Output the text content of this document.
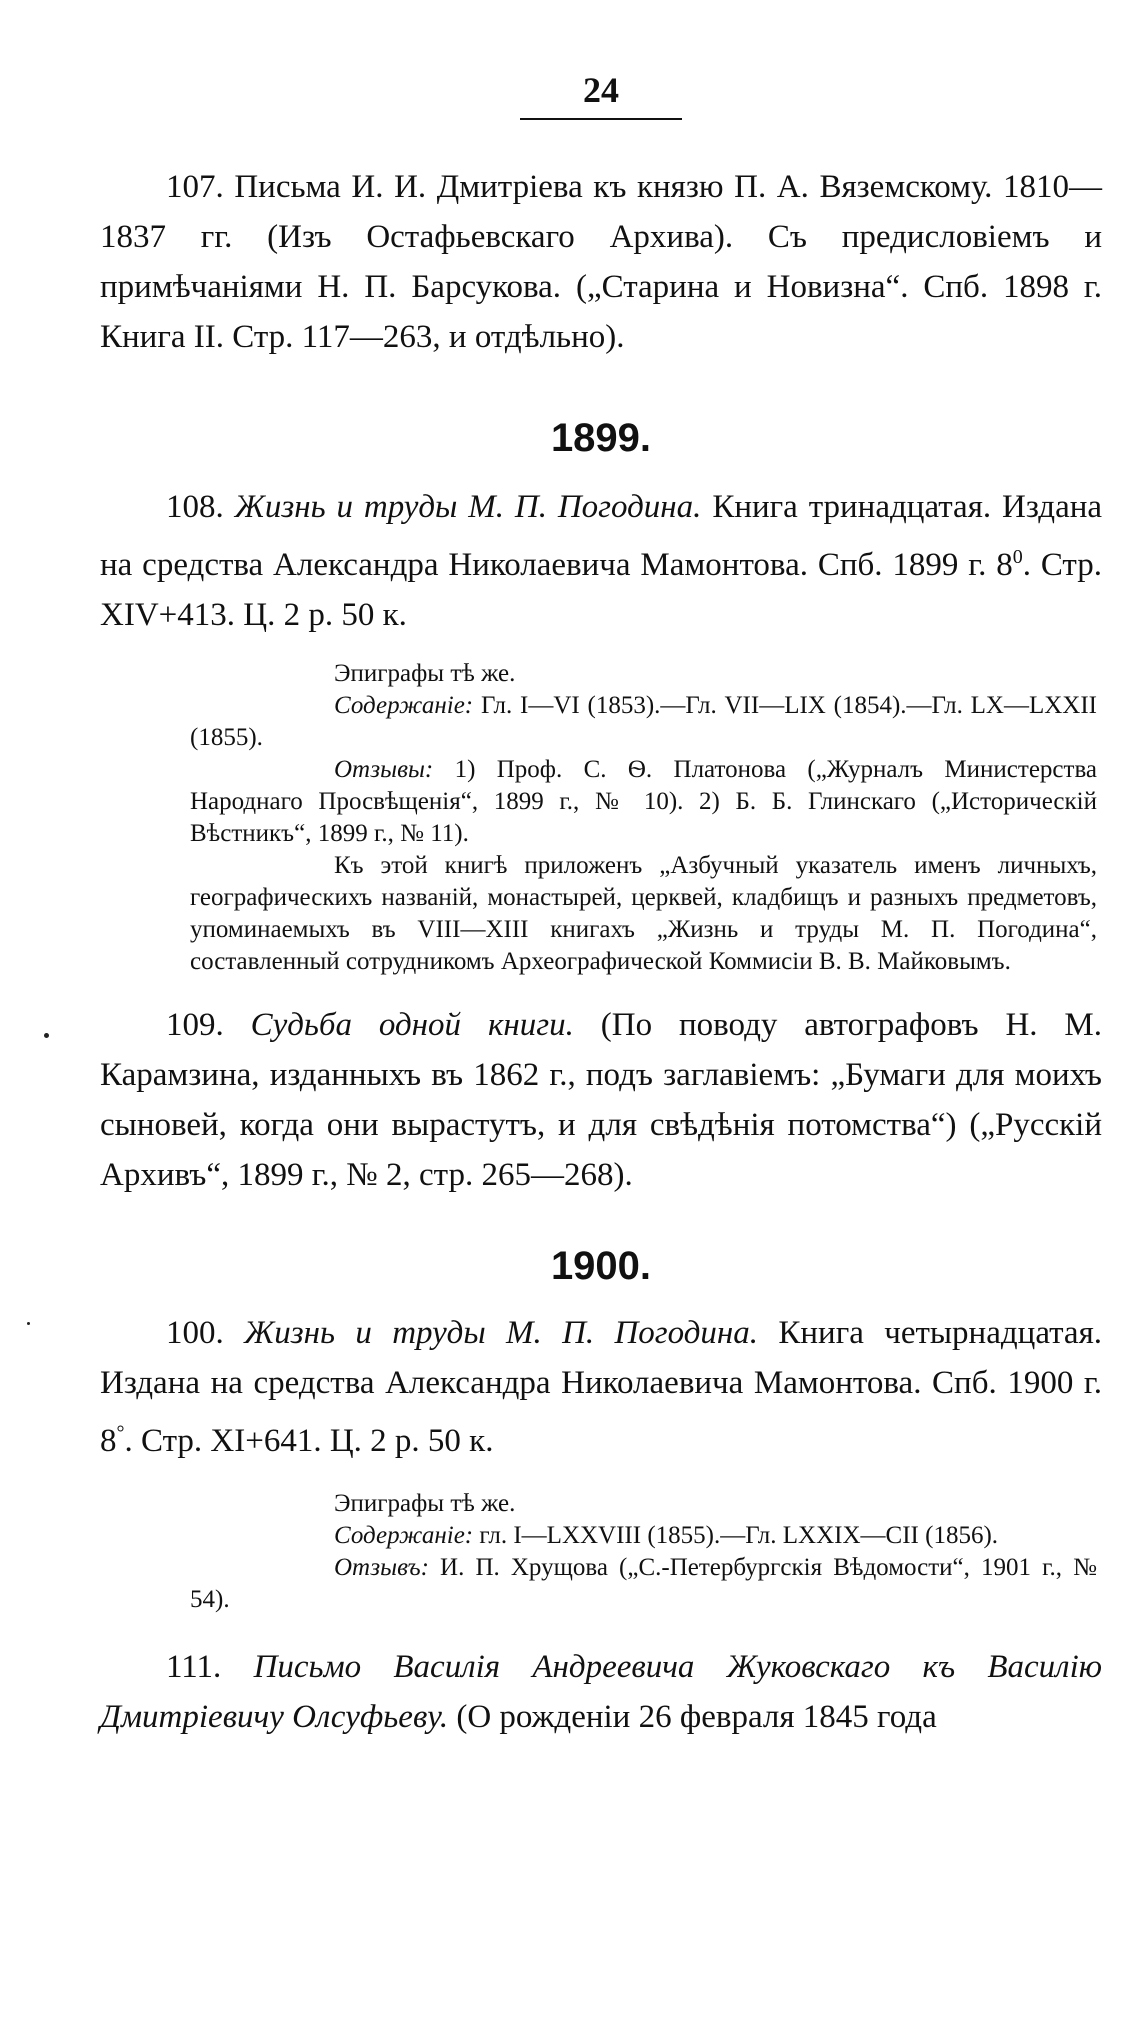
24

107. Письма И. И. Дмитріева къ князю П. А. Вяземскому. 1810—1837 гг. (Изъ Остафьевскаго Архива). Съ предисловіемъ и примѣчаніями Н. П. Барсукова. („Старина и Новизна“. Спб. 1898 г. Книга II. Стр. 117—263, и отдѣльно).

1899.

108. Жизнь и труды М. П. Погодина. Книга тринадцатая. Издана на средства Александра Николаевича Мамонтова. Спб. 1899 г. $8^0$. Стр. XIV+413. Ц. 2 р. 50 к.

Эпиграфы тѣ же.

Содержаніе: Гл. I—VI (1853).—Гл. VII—LIX (1854).—Гл. LX—LXXII (1855).

Отзывы: 1) Проф. С. Ѳ. Платонова („Журналъ Министерства Народнаго Просвѣщенія“, 1899 г., № 10). 2) Б. Б. Глинскаго („Историческій Вѣстникъ“, 1899 г., № 11).

Къ этой книгѣ приложенъ „Азбучный указатель именъ личныхъ, географическихъ названій, монастырей, церквей, кладбищъ и разныхъ предметовъ, упоминаемыхъ въ VIII—XIII книгахъ „Жизнь и труды М. П. Погодина“, составленный сотрудникомъ Археографической Коммисіи В. В. Майковымъ.

109. Судьба одной книги. (По поводу автографовъ Н. М. Карамзина, изданныхъ въ 1862 г., подъ заглавіемъ: „Бумаги для моихъ сыновей, когда они вырастутъ, и для свѣдѣнія потомства“) („Русскій Архивъ“, 1899 г., № 2, стр. 265—268).

1900.

100. Жизнь и труды М. П. Погодина. Книга четырнадцатая. Издана на средства Александра Николаевича Мамонтова. Спб. 1900 г. 8°. Стр. XI+641. Ц. 2 р. 50 к.

Эпиграфы тѣ же.

Содержаніе: гл. I—LXXVIII (1855).—Гл. LXXIX—CII (1856).

Отзывъ: И. П. Хрущова („С.-Петербургскія Вѣдомости“, 1901 г., № 54).

111. Письмо Василія Андреевича Жуковскаго къ Василію Дмитріевичу Олсуфьеву. (О рожденіи 26 февраля 1845 года
